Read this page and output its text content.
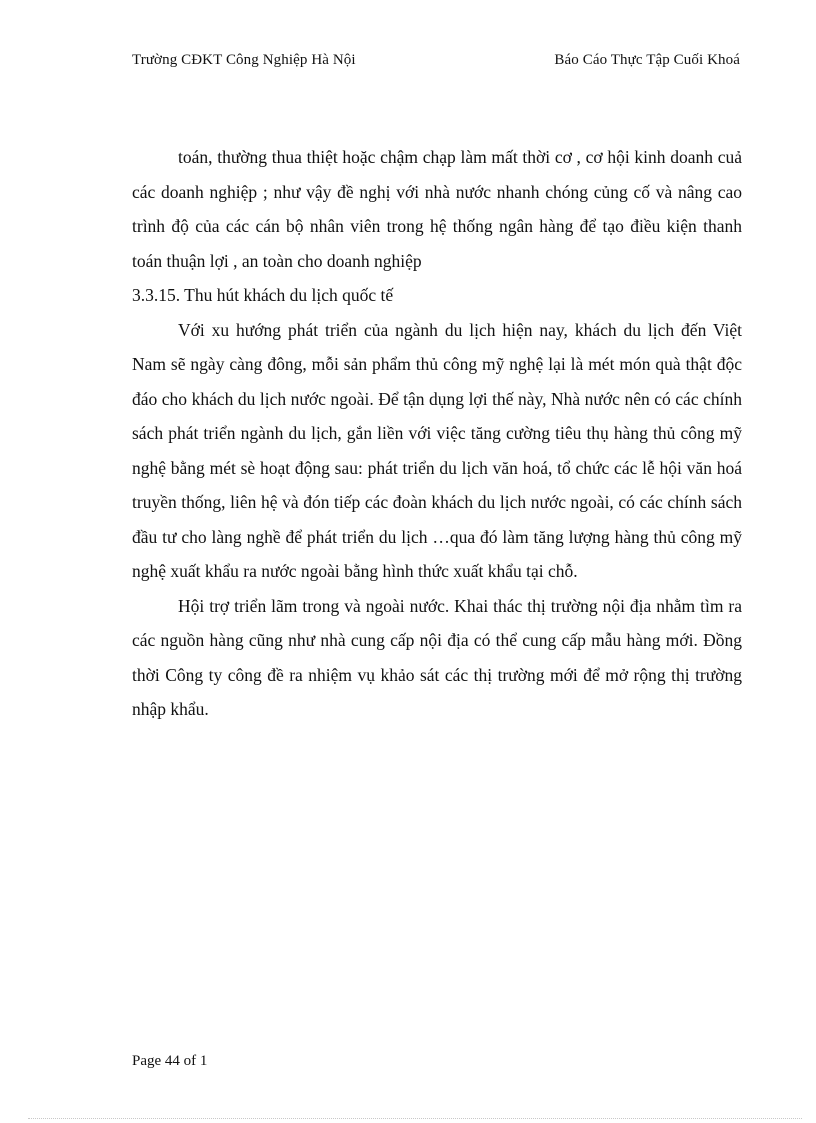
Trường CĐKT Công Nghiệp Hà Nội	Báo Cáo Thực Tập Cuối Khoá

toán, thường thua thiệt hoặc chậm chạp làm mất thời cơ , cơ hội kinh doanh cuả các doanh nghiệp ; như vậy đề nghị với nhà nước nhanh chóng củng cố và nâng cao trình độ của các cán bộ nhân viên trong hệ thống ngân hàng để tạo điều kiện thanh toán thuận lợi , an toàn cho doanh nghiệp

3.3.15. Thu hút khách du lịch quốc tế

Với xu hướng phát triển của ngành du lịch hiện nay, khách du lịch đến Việt Nam sẽ ngày càng đông, mỗi sản phẩm thủ công mỹ nghệ lại là mét món quà thật độc đáo cho khách du lịch nước ngoài. Để tận dụng lợi thế này, Nhà nước nên có các chính sách phát triển ngành du lịch, gắn liền với việc tăng cường tiêu thụ hàng thủ công mỹ nghệ bằng mét sè hoạt động sau: phát triển du lịch văn hoá, tổ chức các lễ hội văn hoá truyền thống, liên hệ và đón tiếp các đoàn khách du lịch nước ngoài, có các chính sách đầu tư cho làng nghề để phát triển du lịch …qua đó làm tăng lượng hàng thủ công mỹ nghệ xuất khẩu ra nước ngoài bằng hình thức xuất khẩu tại chỗ.

Hội trợ triển lãm trong và ngoài nước. Khai thác thị trường nội địa nhằm tìm ra các nguồn hàng cũng như nhà cung cấp nội địa có thể cung cấp mẫu hàng mới. Đồng thời Công ty công đề ra nhiệm vụ khảo sát các thị trường mới để mở rộng thị trường nhập khẩu.

Page 44 of 1
